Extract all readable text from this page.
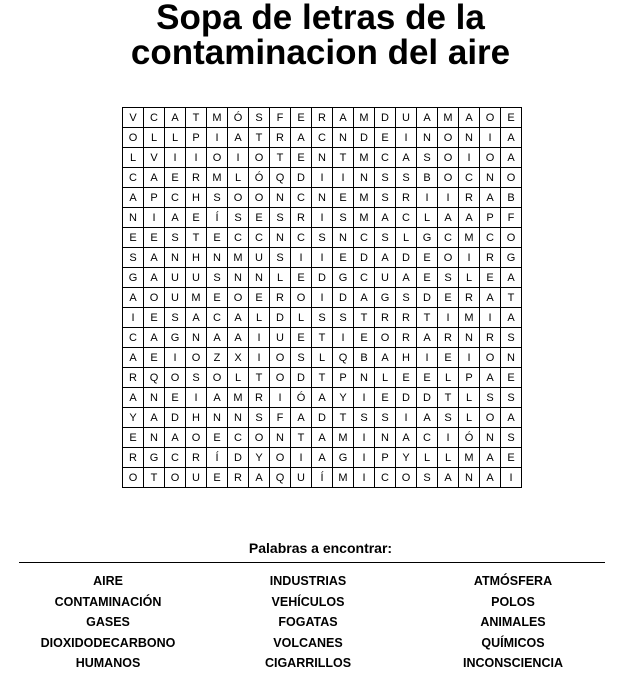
Sopa de letras de la
contaminacion del aire
V	C	A	T	M	Ó	S	F	E	R	A	M	D	U	A	M	A	O	E
O	L	L	P	I	A	T	R	A	C	N	D	E	I	N	O	N	I	A
L	V	I	I	O	I	O	T	E	N	T	M	C	A	S	O	I	O	A
C	A	E	R	M	L	Ó	Q	D	I	I	N	S	S	B	O	C	N	O
A	P	C	H	S	O	O	N	C	N	E	M	S	R	I	I	R	A	B
N	I	A	E	Í	S	E	S	R	I	S	M	A	C	L	A	A	P	F
E	E	S	T	E	C	C	N	C	S	N	C	S	L	G	C	M	C	O
S	A	N	H	N	M	U	S	I	I	E	D	A	D	E	O	I	R	G
G	A	U	U	S	N	N	L	E	D	G	C	U	A	E	S	L	E	A
A	O	U	M	E	O	E	R	O	I	D	A	G	S	D	E	R	A	T
I	E	S	A	C	A	L	D	L	S	S	T	R	R	T	I	M	I	A
C	A	G	N	A	A	I	U	E	T	I	E	O	R	A	R	N	R	S
A	E	I	O	Z	X	I	O	S	L	Q	B	A	H	I	E	I	O	N
R	Q	O	S	O	L	T	O	D	T	P	N	L	E	E	L	P	A	E
A	N	E	I	A	M	R	I	Ó	A	Y	I	E	D	D	T	L	S	S
Y	A	D	H	N	N	S	F	A	D	T	S	S	I	A	S	L	O	A
E	N	A	O	E	C	O	N	T	A	M	I	N	A	C	I	Ó	N	S
R	G	C	R	Í	D	Y	O	I	A	G	I	P	Y	L	L	M	A	E
O	T	O	U	E	R	A	Q	U	Í	M	I	C	O	S	A	N	A	I
Palabras a encontrar:
AIRE
CONTAMINACIÓN
GASES
DIOXIDODECARBONO
HUMANOS
INDUSTRIAS
VEHÍCULOS
FOGATAS
VOLCANES
CIGARRILLOS
ATMÓSFERA
POLOS
ANIMALES
QUÍMICOS
INCONSCIENCIA
